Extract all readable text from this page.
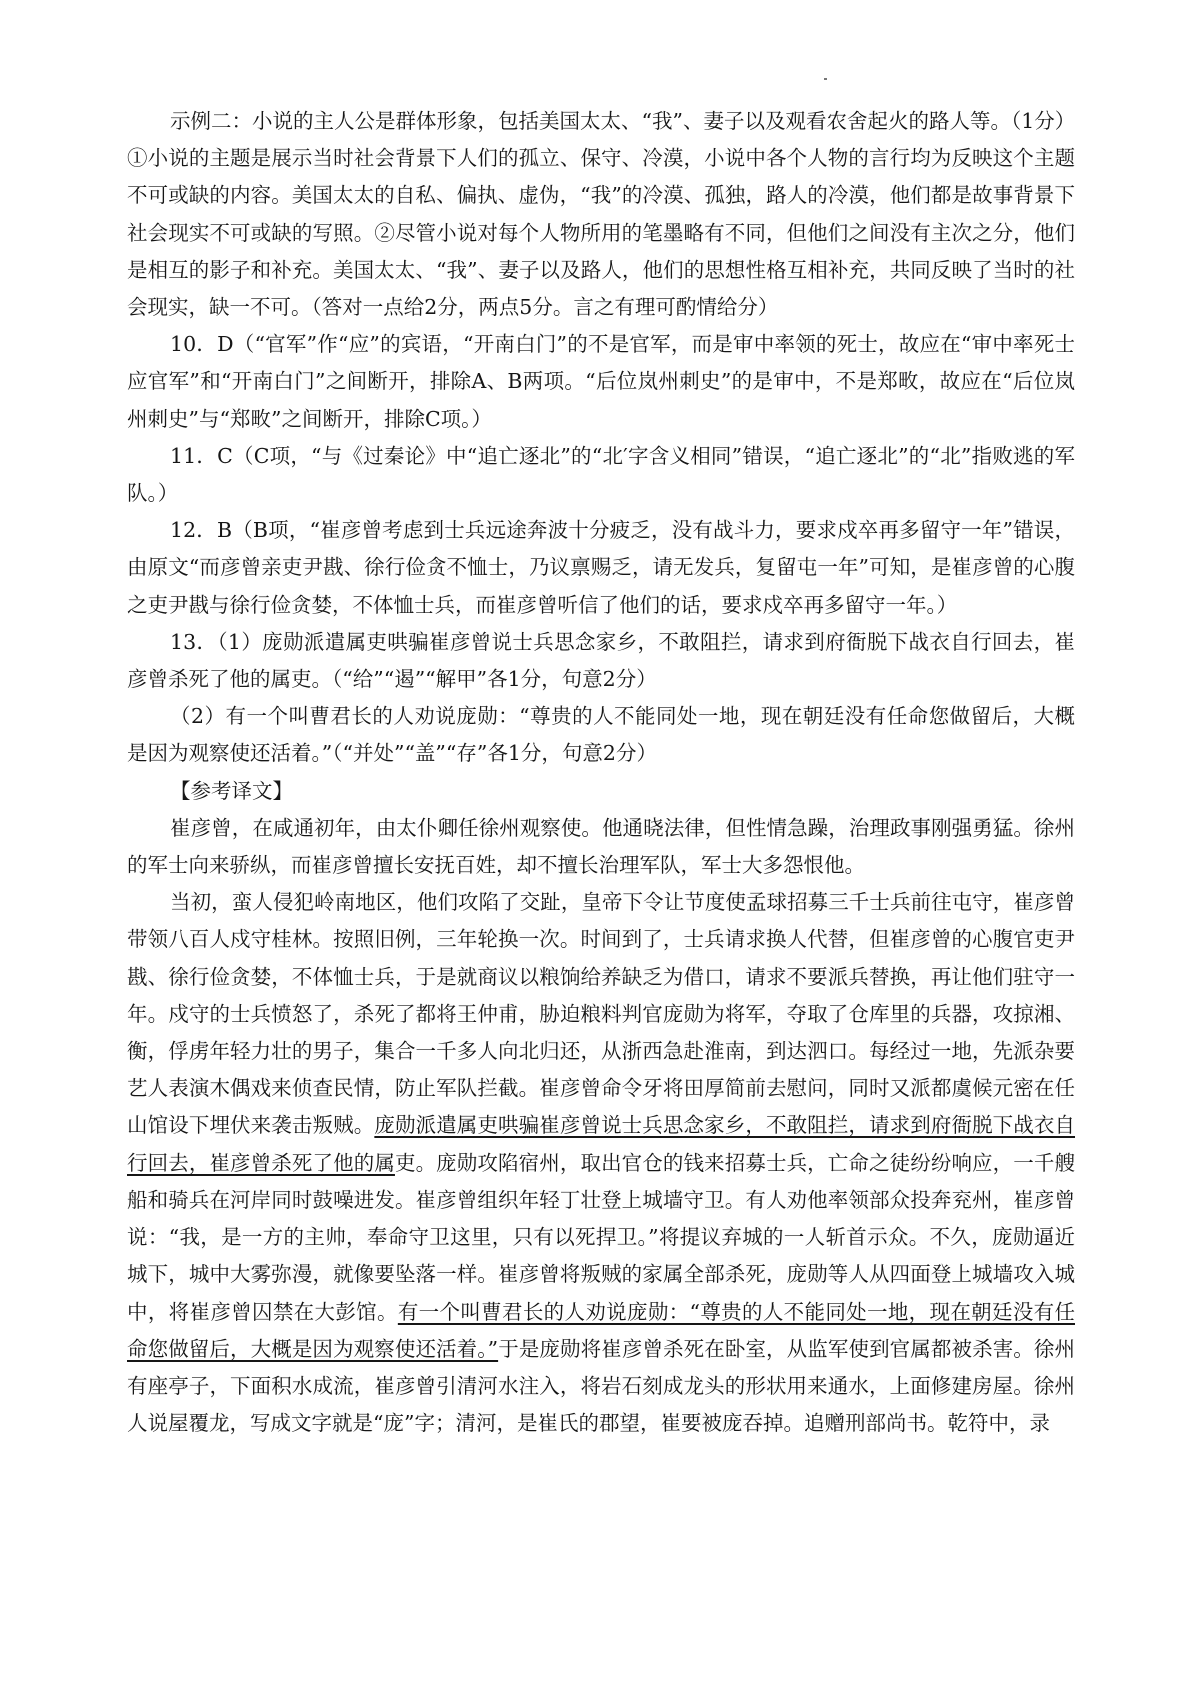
示例二：小说的主人公是群体形象，包括美国太太、“我”、妻子以及观看农舍起火的路人等。（1分）

①小说的主题是展示当时社会背景下人们的孤立、保守、冷漠，小说中各个人物的言行均为反映这个主题不可或缺的内容。美国太太的自私、偏执、虚伪，“我”的冷漠、孤独，路人的冷漠，他们都是故事背景下社会现实不可或缺的写照。②尽管小说对每个人物所用的笔墨略有不同，但他们之间没有主次之分，他们是相互的影子和补充。美国太太、“我”、妻子以及路人，他们的思想性格互相补充，共同反映了当时的社会现实，缺一不可。（答对一点给2分，两点5分。言之有理可酌情给分）

10．D（“官军”作“应”的宾语，“开南白门”的不是官军，而是审中率领的死士，故应在“审中率死士应官军”和“开南白门”之间断开，排除A、B两项。“后位岚州刺史”的是审中，不是郑畋，故应在“后位岚州刺史”与“郑畋”之间断开，排除C项。）

11．C（C项，“与《过秦论》中“追亡逐北”的“北′字含义相同”错误，“追亡逐北”的“北”指败逃的军队。）

12．B（B项，“崔彦曾考虑到士兵远途奔波十分疲乏，没有战斗力，要求戍卒再多留守一年”错误，由原文“而彦曾亲吏尹戡、徐行俭贪不恤士，乃议禀赐乏，请无发兵，复留屯一年”可知，是崔彦曾的心腹之吏尹戡与徐行俭贪婪，不体恤士兵，而崔彦曾听信了他们的话，要求戍卒再多留守一年。）

13．（1）庞勋派遣属吏哄骗崔彦曾说士兵思念家乡，不敢阻拦，请求到府衙脱下战衣自行回去，崔彦曾杀死了他的属吏。（“给”“遏”“解甲”各1分，句意2分）

（2）有一个叫曹君长的人劝说庞勋：“尊贵的人不能同处一地，现在朝廷没有任命您做留后，大概是因为观察使还活着。”（“并处”“盖”“存”各1分，句意2分）

【参考译文】

崔彦曾，在咸通初年，由太仆卿任徐州观察使。他通晓法律，但性情急躁，治理政事刚强勇猛。徐州的军士向来骄纵，而崔彦曾擅长安抚百姓，却不擅长治理军队，军士大多怨恨他。

当初，蛮人侵犯岭南地区，他们攻陷了交趾，皇帝下令让节度使孟球招募三千士兵前往屯守，崔彦曾带领八百人戍守桂林。按照旧例，三年轮换一次。时间到了，士兵请求换人代替，但崔彦曾的心腹官吏尹戡、徐行俭贪婪，不体恤士兵，于是就商议以粮饷给养缺乏为借口，请求不要派兵替换，再让他们驻守一年。戍守的士兵愤怒了，杀死了都将王仲甫，胁迫粮料判官庞勋为将军，夺取了仓库里的兵器，攻掠湘、衡，俘虏年轻力壮的男子，集合一千多人向北归还，从浙西急赴淮南，到达泗口。每经过一地，先派杂要艺人表演木偶戏来侦查民情，防止军队拦截。崔彦曾命令牙将田厚简前去慰问，同时又派都虞候元密在任山馆设下埋伏来袭击叛贼。庞勋派遣属吏哄骗崔彦曾说士兵思念家乡，不敢阻拦，请求到府衙脱下战衣自行回去，崔彦曾杀死了他的属吏。庞勋攻陷宿州，取出官仓的钱来招募士兵，亡命之徒纷纷响应，一千艘船和骑兵在河岸同时鼓噪进发。崔彦曾组织年轻丁壮登上城墙守卫。有人劝他率领部众投奔兖州，崔彦曾说：“我，是一方的主帅，奉命守卫这里，只有以死捍卫。”将提议弃城的一人斩首示众。不久，庞勋逼近城下，城中大雾弥漫，就像要坠落一样。崔彦曾将叛贼的家属全部杀死，庞勋等人从四面登上城墙攻入城中，将崔彦曾囚禁在大彭馆。有一个叫曹君长的人劝说庞勋：“尊贵的人不能同处一地，现在朝廷没有任命您做留后，大概是因为观察使还活着。”于是庞勋将崔彦曾杀死在卧室，从监军使到官属都被杀害。徐州有座亭子，下面积水成流，崔彦曾引清河水注入，将岩石刻成龙头的形状用来通水，上面修建房屋。徐州人说屋覆龙，写成文字就是“庞”字；清河，是崔氏的郡望，崔要被庞吞掉。追赠刑部尚书。乾符中，录
